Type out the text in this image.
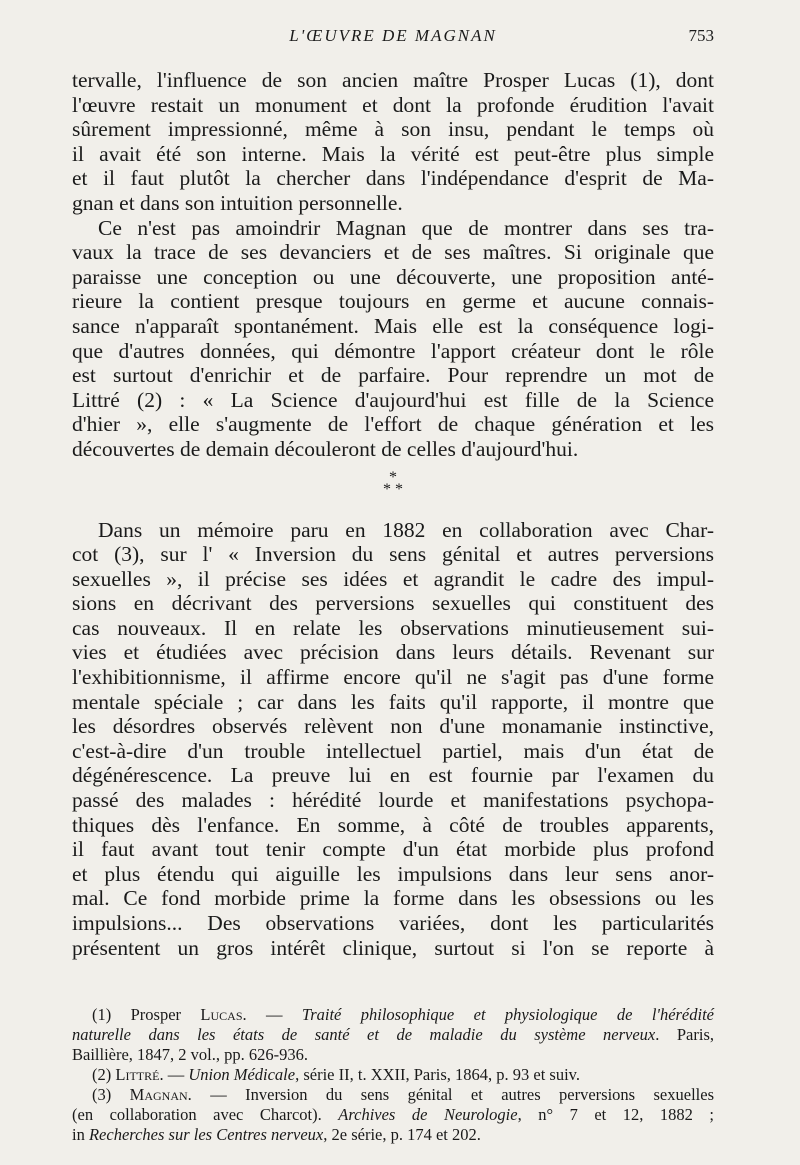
L'ŒUVRE DE MAGNAN	753
tervalle, l'influence de son ancien maître Prosper Lucas (1), dont
l'œuvre restait un monument et dont la profonde érudition l'avait
sûrement impressionné, même à son insu, pendant le temps où
il avait été son interne. Mais la vérité est peut-être plus simple
et il faut plutôt la chercher dans l'indépendance d'esprit de Ma-
gnan et dans son intuition personnelle.
Ce n'est pas amoindrir Magnan que de montrer dans ses tra-
vaux la trace de ses devanciers et de ses maîtres. Si originale que
paraisse une conception ou une découverte, une proposition anté-
rieure la contient presque toujours en germe et aucune connais-
sance n'apparaît spontanément. Mais elle est la conséquence logi-
que d'autres données, qui démontre l'apport créateur dont le rôle
est surtout d'enrichir et de parfaire. Pour reprendre un mot de
Littré (2) : « La Science d'aujourd'hui est fille de la Science
d'hier », elle s'augmente de l'effort de chaque génération et les
découvertes de demain découleront de celles d'aujourd'hui.
*
* *
Dans un mémoire paru en 1882 en collaboration avec Char-
cot (3), sur l' « Inversion du sens génital et autres perversions
sexuelles », il précise ses idées et agrandit le cadre des impul-
sions en décrivant des perversions sexuelles qui constituent des
cas nouveaux. Il en relate les observations minutieusement sui-
vies et étudiées avec précision dans leurs détails. Revenant sur
l'exhibitionnisme, il affirme encore qu'il ne s'agit pas d'une forme
mentale spéciale ; car dans les faits qu'il rapporte, il montre que
les désordres observés relèvent non d'une monamanie instinctive,
c'est-à-dire d'un trouble intellectuel partiel, mais d'un état de
dégénérescence. La preuve lui en est fournie par l'examen du
passé des malades : hérédité lourde et manifestations psychopa-
thiques dès l'enfance. En somme, à côté de troubles apparents,
il faut avant tout tenir compte d'un état morbide plus profond
et plus étendu qui aiguille les impulsions dans leur sens anor-
mal. Ce fond morbide prime la forme dans les obsessions ou les
impulsions... Des observations variées, dont les particularités
présentent un gros intérêt clinique, surtout si l'on se reporte à
(1) Prosper Lucas. — Traité philosophique et physiologique de l'hérédité
naturelle dans les états de santé et de maladie du système nerveux. Paris,
Baillière, 1847, 2 vol., pp. 626-936.
(2) Littré. — Union Médicale, série II, t. XXII, Paris, 1864, p. 93 et suiv.
(3) Magnan. — Inversion du sens génital et autres perversions sexuelles
(en collaboration avec Charcot). Archives de Neurologie, n° 7 et 12, 1882 ;
in Recherches sur les Centres nerveux, 2e série, p. 174 et 202.
